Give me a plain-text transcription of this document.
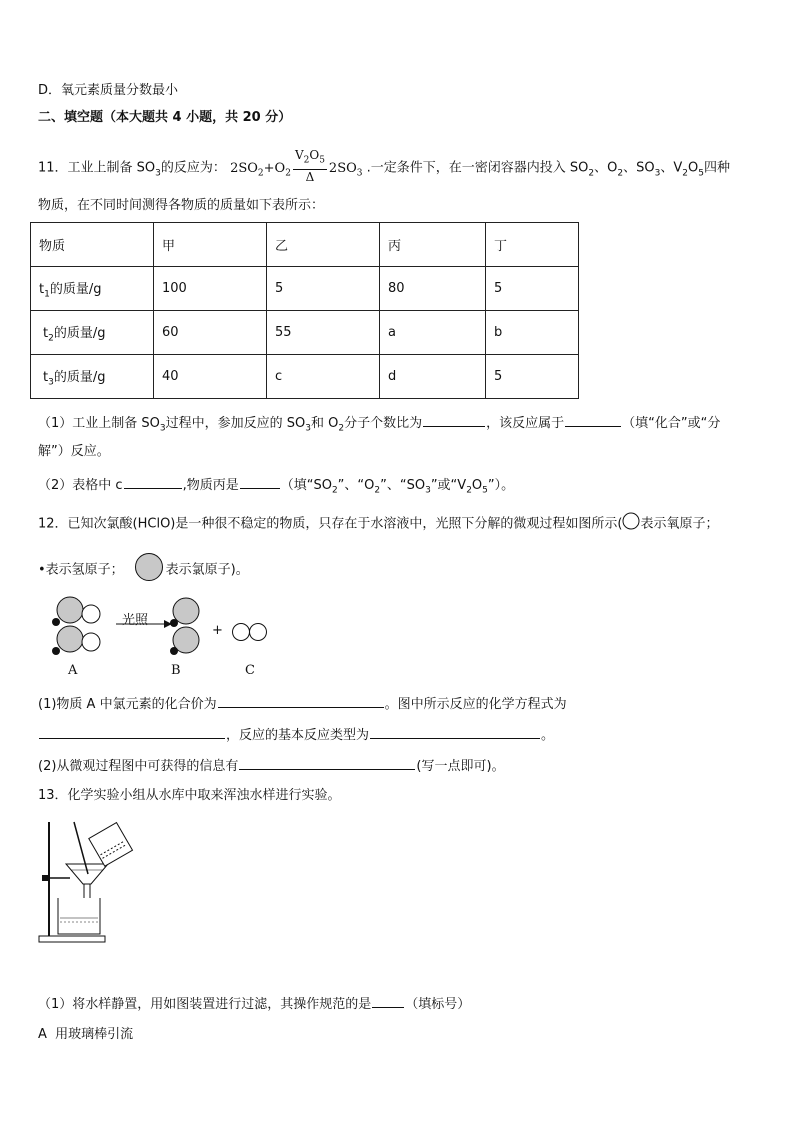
D．氧元素质量分数最小
二、填空题（本大题共 4 小题，共 20 分）
11．工业上制备 $SO_3$的反应为： $2SO_2+O_2 \frac{V_2O_5}{\Delta} 2SO_3$ .一定条件下，在一密闭容器内投入 $SO_2$、$O_2$、$SO_3$、$V_2O_5$四种
物质，在不同时间测得各物质的质量如下表所示：
物质	甲	乙	丙	丁
$t_1$的质量/g	100	5	80	5
$t_2$的质量/g	60	55	a	b
$t_3$的质量/g	40	c	d	5
（1）工业上制备 $SO_3$过程中，参加反应的 $SO_3$和 $O_2$分子个数比为	，该反应属于	（填“化合”或“分
解”）反应。
（2）表格中 c	,物质丙是	（填“$SO_2$”、“$O_2$”、“$SO_3$”或“$V_2O_5$”）。
12．已知次氯酸(HClO)是一种很不稳定的物质，只存在于水溶液中，光照下分解的微观过程如图所示( 表示氧原子；
•表示氢原子；	表示氯原子)。
光照
+
A	B	C
(1)物质 A 中氯元素的化合价为	。图中所示反应的化学方程式为
，反应的基本反应类型为	。
(2)从微观过程图中可获得的信息有	(写一点即可)。
13．化学实验小组从水库中取来浑浊水样进行实验。
（1）将水样静置，用如图装置进行过滤，其操作规范的是	（填标号）
A  用玻璃棒引流
